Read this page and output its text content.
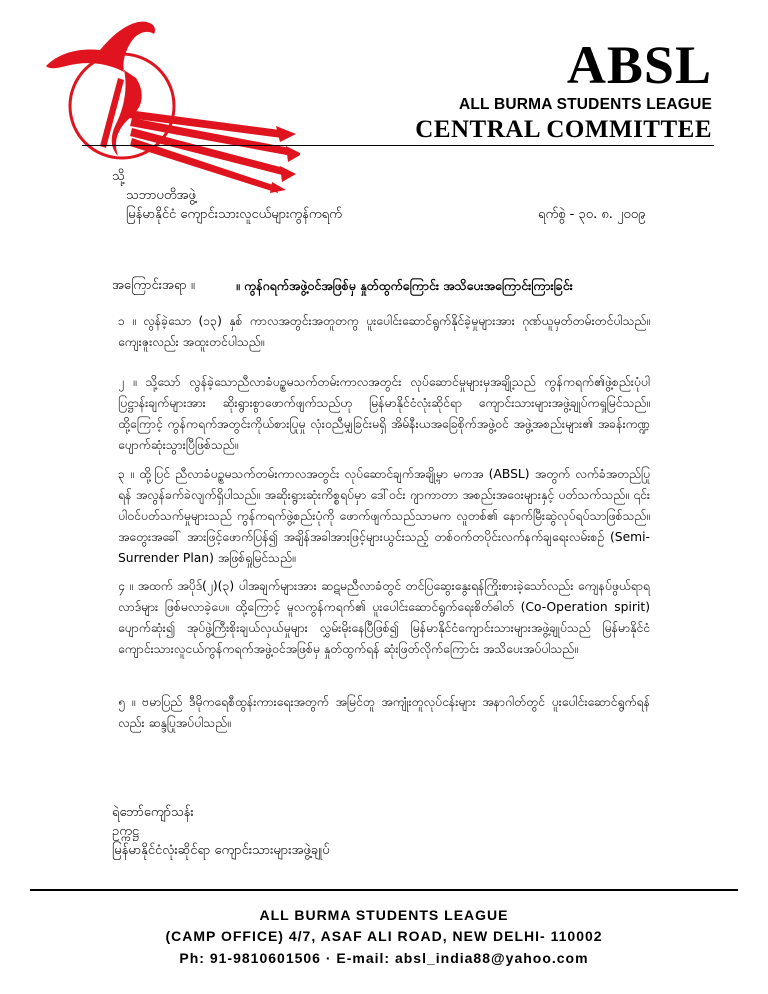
ABSL
ALL BURMA STUDENTS LEAGUE
CENTRAL COMMITTEE
သို့
သဘာပတိအဖွဲ့
မြန်မာနိုင်ငံ ကျောင်းသားလူငယ်များကွန်ကရက်	ရက်စွဲ - ၃၀. ၈. ၂၀၀၉
အကြောင်းအရာ ။	။ ကွန်ဂရက်အဖွဲ့ဝင်အဖြစ်မှ နှုတ်ထွက်ကြောင်း အသိပေးအကြောင်းကြားခြင်း
၁ ။ လွန်ခဲ့သော (၁၃) နှစ် ကာလအတွင်းအတူတကွ ပူးပေါင်းဆောင်ရွက်နိုင်ခဲ့မှုများအား ဂုဏ်ယူမှတ်တမ်းတင်ပါသည်။ ကျေးဇူးလည်း အထူးတင်ပါသည်။
၂ ။ သို့သော် လွန်ခဲ့သောညီလာခံပဥ္စမသက်တမ်းကာလအတွင်း လုပ်ဆောင်မှုများမှအချို့သည် ကွန်ကရက်၏ဖွဲ့စည်းပုံပါ ပြဋ္ဌာန်းချက်များအား ဆိုးရွားစွာဖောက်ဖျက်သည်ဟု မြန်မာနိုင်ငံလုံးဆိုင်ရာ ကျောင်းသားများအဖွဲ့ချုပ်ကရှုမြင်သည်။ ထို့ကြောင့် ကွန်ကရက်အတွင်းကိုယ်စားပြုမှု လုံးဝညီမျှခြင်းမရှိ အိမ်နီးယအခြေစိုက်အဖွဲ့ဝင် အဖွဲ့အစည်းများ၏ အခန်းကဏ္ဍပျောက်ဆုံးသွားပြီဖြစ်သည်။
၃ ။ ထို့ပြင် ညီလာခံပဥ္စမသက်တမ်းကာလအတွင်း လုပ်ဆောင်ချက်အချို့မှာ မကအ (ABSL) အတွက် လက်ခံအတည်ပြုရန် အလွန်ခက်ခဲလျက်ရှိပါသည်။ အဆိုးရွားဆုံးကိစ္စရပ်မှာ ဒေါ်ဝင်း ဂျာကာတာ အစည်းအဝေးများနှင့် ပတ်သက်သည်။ ၎င်း ပါဝင်ပတ်သက်မှုများသည် ကွန်ကရက်ဖွဲ့စည်းပုံကို ဖောက်ဖျက်သည်သာမက လူတစ်၏ နောက်မြီးဆွဲလုပ်ရပ်သာဖြစ်သည်။ အတွေးအခေါ် အားဖြင့်ဖောက်ပြန်၍ အချိန်အခါအားဖြင့်များယွင်းသည့် တစ်ဝက်တပိုင်းလက်နက်ချရေးလမ်းစဉ် (Semi-Surrender Plan) အဖြစ်ရှုမြင်သည်။
၄ ။ အထက် အပိုဒ်(၂)(၃) ပါအချက်များအား ဆဋမညီလာခံတွင် တင်ပြဆွေးနွေးရန်ကြိုးစားခဲ့သော်လည်း ကျေနပ်ဖွယ်ရာရလာဒ်များ ဖြစ်မလာခဲ့ပေ။ ထို့ကြောင့် မူလကွန်ကရက်၏ ပူးပေါင်းဆောင်ရွက်ရေးစိတ်ဓါတ် (Co-Operation spirit) ပျောက်ဆုံး၍ အုပ်ဖွဲ့ကြီးစိုးချယ်လှယ်မှုများ လွှမ်းမိုးနေပြီဖြစ်၍ မြန်မာနိုင်ငံကျောင်းသားများအဖွဲ့ချုပ်သည် မြန်မာနိုင်ငံကျောင်းသားလူငယ်ကွန်ကရက်အဖွဲ့ဝင်အဖြစ်မှ နှုတ်ထွက်ရန် ဆုံးဖြတ်လိုက်ကြောင်း အသိပေးအပ်ပါသည်။
၅ ။ ဗမာပြည် ဒီမိုကရေစီထွန်းကားရေးအတွက် အမြင်တူ အကျုံးတူလုပ်ငန်းများ အနာဂါတ်တွင် ပူးပေါင်းဆောင်ရွက်ရန်လည်း ဆန္ဒပြုအပ်ပါသည်။
ရဲဘော်ကျော်သန်း
ဥက္ကဋ္ဌ
မြန်မာနိုင်ငံလုံးဆိုင်ရာ ကျောင်းသားများအဖွဲ့ချုပ်
ALL BURMA STUDENTS LEAGUE
(CAMP OFFICE) 4/7, ASAF ALI ROAD, NEW DELHI- 110002
Ph: 91-9810601506 · E-mail: absl_india88@yahoo.com
